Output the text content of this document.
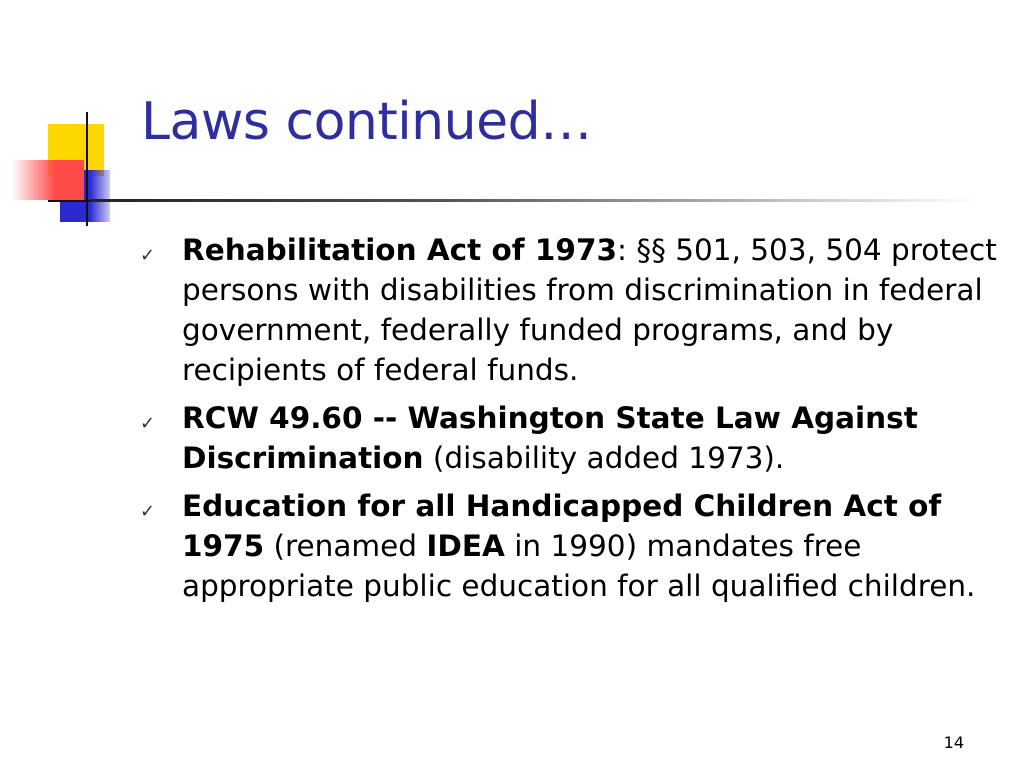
Laws continued…
✓ Rehabilitation Act of 1973: §§ 501, 503, 504 protect persons with disabilities from discrimination in federal government, federally funded programs, and by recipients of federal funds.
✓ RCW 49.60 -- Washington State Law Against Discrimination (disability added 1973).
✓ Education for all Handicapped Children Act of 1975 (renamed IDEA in 1990) mandates free appropriate public education for all qualified children.
14
